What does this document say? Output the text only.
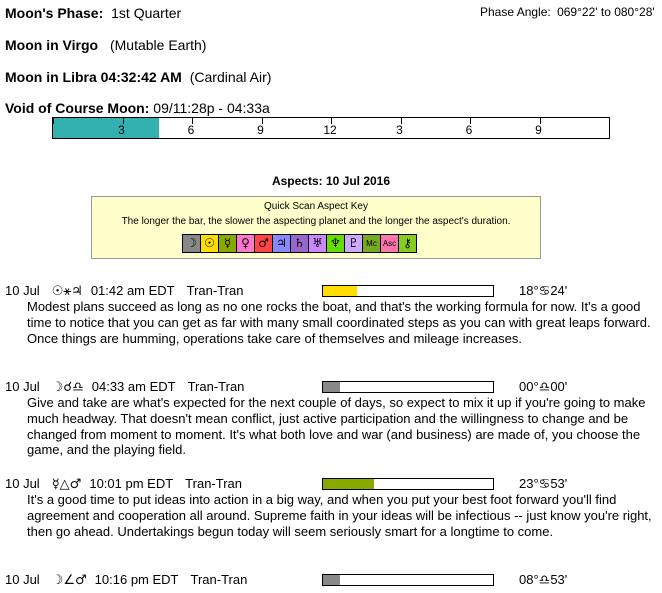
Moon's Phase: 1st Quarter	Phase Angle: 069°22' to 080°28'
Moon in Virgo (Mutable Earth)
Moon in Libra 04:32:42 AM (Cardinal Air)
Void of Course Moon: 09/11:28p - 04:33a
3	6	9	12	3	6	9
Aspects: 10 Jul 2016
Quick Scan Aspect Key
The longer the bar, the slower the aspecting planet and the longer the aspect's duration.
☽ ☉ ☿ ♀ ♂ ♃ ♄ ♅ ♆ ♇ Mc Asc ⚷
10 Jul ☉⚹♃ 01:42 am EDT Tran-Tran	18°♋24'
Modest plans succeed as long as no one rocks the boat, and that's the working formula for now. It's a good time to notice that you can get as far with many small coordinated steps as you can with great leaps forward. Once things are humming, operations take care of themselves and mileage increases.
10 Jul ☽☌♎ 04:33 am EDT Tran-Tran	00°♎00'
Give and take are what's expected for the next couple of days, so expect to mix it up if you're going to make much headway. That doesn't mean conflict, just active participation and the willingness to change and be changed from moment to moment. It's what both love and war (and business) are made of, you choose the game, and the playing field.
10 Jul ☿△♂ 10:01 pm EDT Tran-Tran	23°♋53'
It's a good time to put ideas into action in a big way, and when you put your best foot forward you'll find agreement and cooperation all around. Supreme faith in your ideas will be infectious -- just know you're right, then go ahead. Undertakings begun today will seem seriously smart for a longtime to come.
10 Jul ☽∠♂ 10:16 pm EDT Tran-Tran	08°♎53'
